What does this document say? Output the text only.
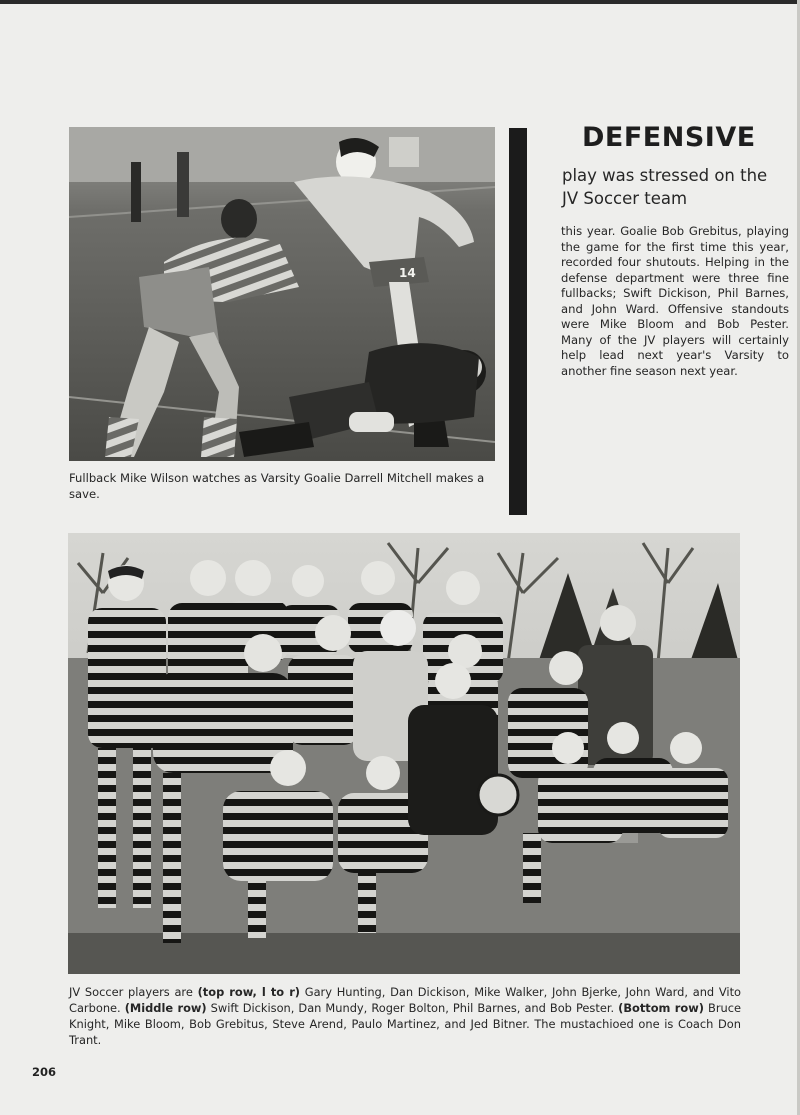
14
DEFENSIVE

play was stressed on the JV Soccer team

this year. Goalie Bob Grebitus, playing the game for the first time this year, recorded four shutouts. Helping in the defense department were three fine fullbacks; Swift Dickison, Phil Barnes, and John Ward. Offensive standouts were Mike Bloom and Bob Pester. Many of the JV players will certainly help lead next year's Varsity to another fine season next year.

Fullback Mike Wilson watches as Varsity Goalie Darrell Mitchell makes a save.

JV Soccer players are (top row, l to r) Gary Hunting, Dan Dickison, Mike Walker, John Bjerke, John Ward, and Vito Carbone. (Middle row) Swift Dickison, Dan Mundy, Roger Bolton, Phil Barnes, and Bob Pester. (Bottom row) Bruce Knight, Mike Bloom, Bob Grebitus, Steve Arend, Paulo Martinez, and Jed Bitner. The mustachioed one is Coach Don Trant.

206
